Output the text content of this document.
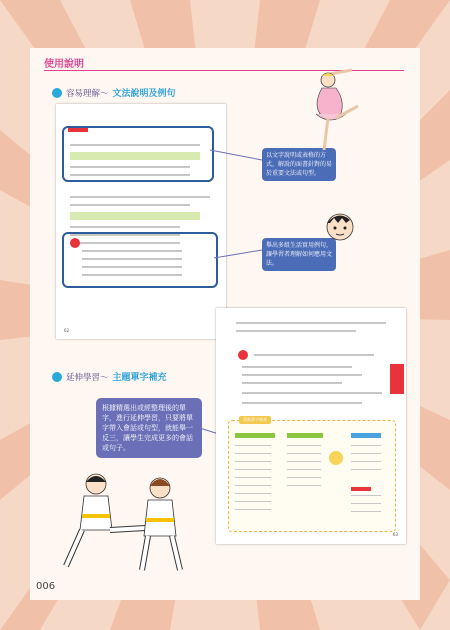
使用說明
容易理解～ 文法說明及例句
62
以文字說明或表格的方式，解說的面書針對的易於重要文法或句型。
舉出多組生活實用例句，讓學習者理解如何應用文法。
重點單字補充
63
延伸學習～ 主題單字補充
根據精選出或經整理後的單字，進行延伸學習，只要將單字帶入會話或句型，就能舉一反三，讓學生完成更多的會話或句子。
006
